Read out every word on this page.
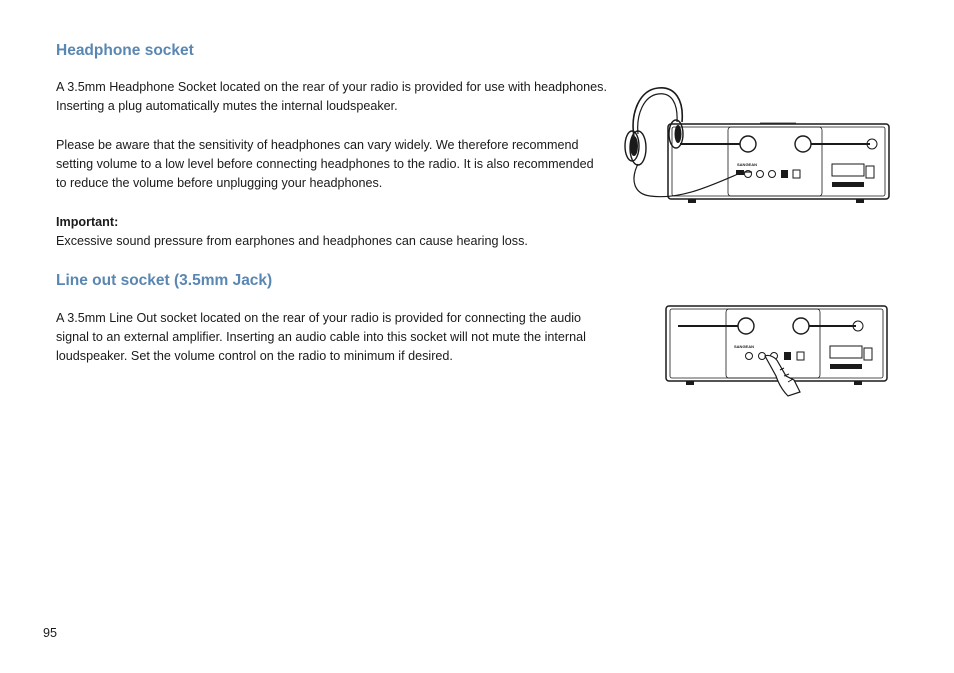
Headphone socket

A 3.5mm Headphone Socket located on the rear of your radio is provided for use with headphones.
Inserting a plug automatically mutes the internal loudspeaker.

Please be aware that the sensitivity of headphones can vary widely. We therefore recommend
setting volume to a low level before connecting headphones to the radio. It is also recommended
to reduce the volume before unplugging your headphones.

Important:
Excessive sound pressure from earphones and headphones can cause hearing loss.

Line out socket (3.5mm Jack)

A 3.5mm Line Out socket located on the rear of your radio is provided for connecting the audio
signal to an external amplifier. Inserting an audio cable into this socket will not mute the internal
loudspeaker. Set the volume control on the radio to minimum if desired.

95
SANGEAN
SANGEAN
